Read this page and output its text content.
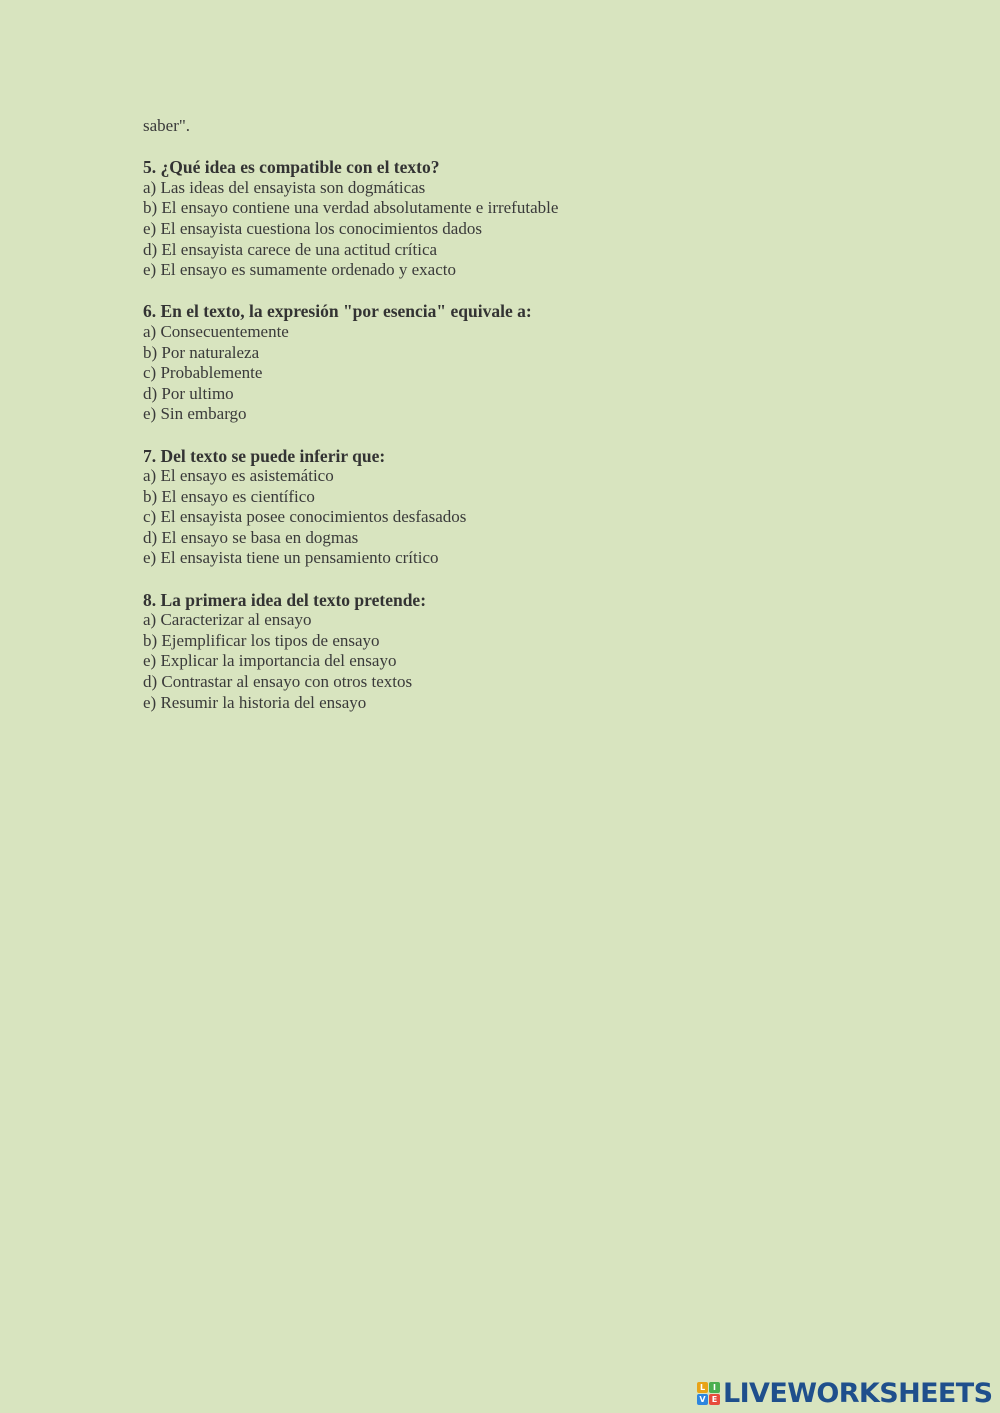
saber".
5. ¿Qué idea es compatible con el texto?
a) Las ideas del ensayista son dogmáticas
b) El ensayo contiene una verdad absolutamente e irrefutable
e) El ensayista cuestiona los conocimientos dados
d) El ensayista carece de una actitud crítica
e) El ensayo es sumamente ordenado y exacto
6. En el texto, la expresión "por esencia" equivale a:
a) Consecuentemente
b) Por naturaleza
c) Probablemente
d) Por ultimo
e) Sin embargo
7. Del texto se puede inferir que:
a) El ensayo es asistemático
b) El ensayo es científico
c) El ensayista posee conocimientos desfasados
d) El ensayo se basa en dogmas
e) El ensayista tiene un pensamiento crítico
8. La primera idea del texto pretende:
a) Caracterizar al ensayo
b) Ejemplificar los tipos de ensayo
e) Explicar la importancia del ensayo
d) Contrastar al ensayo con otros textos
e) Resumir la historia del ensayo
L I
V E LIVEWORKSHEETS
